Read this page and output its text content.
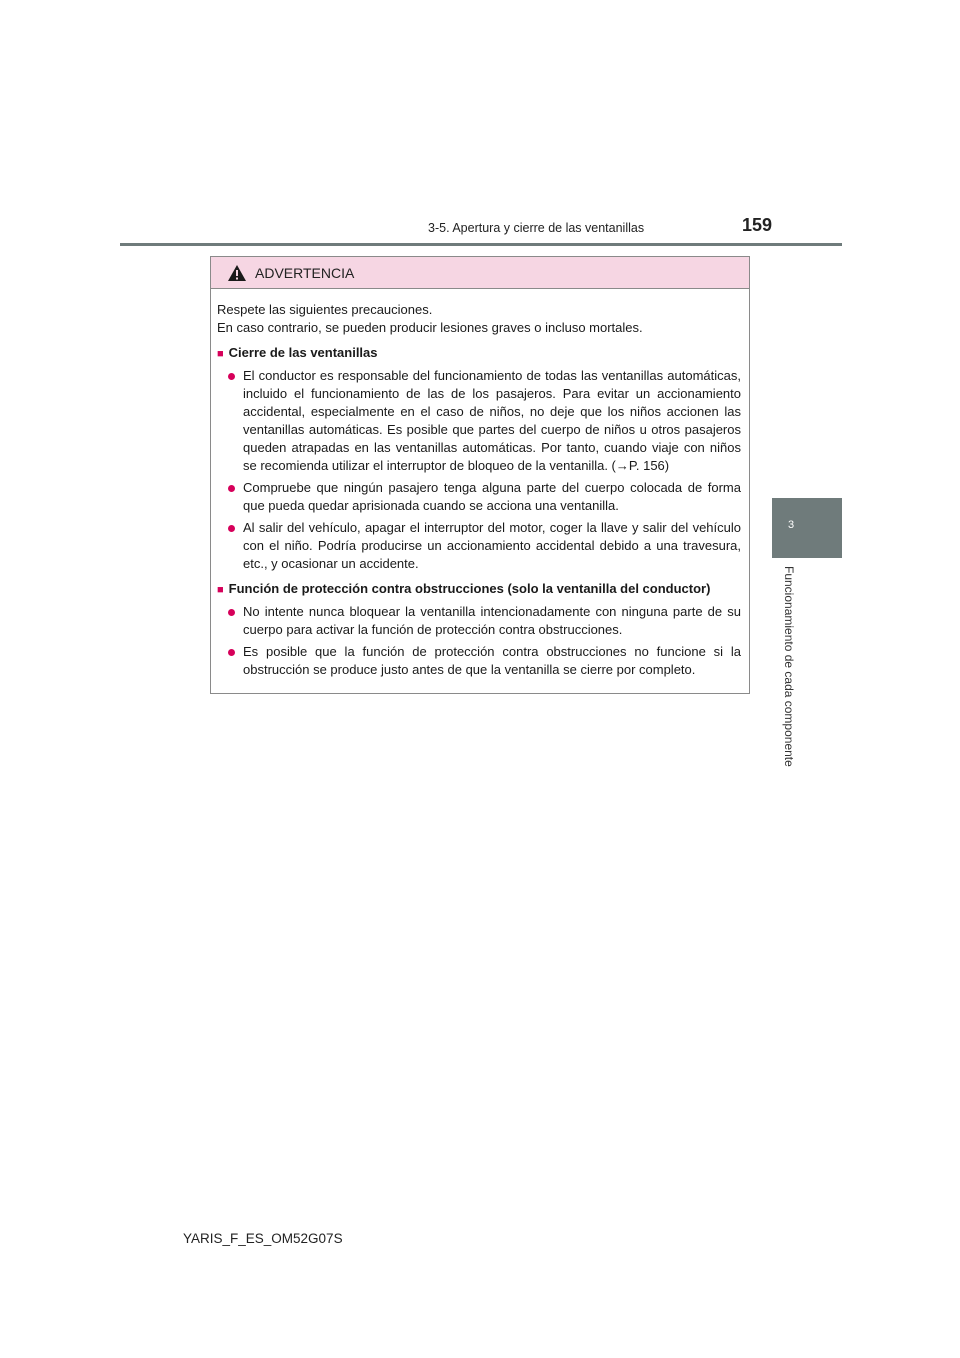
3-5. Apertura y cierre de las ventanillas	159
3
Funcionamiento de cada componente
ADVERTENCIA

Respete las siguientes precauciones.

En caso contrario, se pueden producir lesiones graves o incluso mortales.

■ Cierre de las ventanillas
El conductor es responsable del funcionamiento de todas las ventanillas automáticas, incluido el funcionamiento de las de los pasajeros. Para evitar un accionamiento accidental, especialmente en el caso de niños, no deje que los niños accionen las ventanillas automáticas. Es posible que partes del cuerpo de niños u otros pasajeros queden atrapadas en las ventanillas automáticas. Por tanto, cuando viaje con niños se recomienda utilizar el interruptor de bloqueo de la ventanilla. (→P. 156)
Compruebe que ningún pasajero tenga alguna parte del cuerpo colocada de forma que pueda quedar aprisionada cuando se acciona una ventanilla.
Al salir del vehículo, apagar el interruptor del motor, coger la llave y salir del vehículo con el niño. Podría producirse un accionamiento accidental debido a una travesura, etc., y ocasionar un accidente.
■ Función de protección contra obstrucciones (solo la ventanilla del conductor)
No intente nunca bloquear la ventanilla intencionadamente con ninguna parte de su cuerpo para activar la función de protección contra obstrucciones.
Es posible que la función de protección contra obstrucciones no funcione si la obstrucción se produce justo antes de que la ventanilla se cierre por completo.
YARIS_F_ES_OM52G07S
